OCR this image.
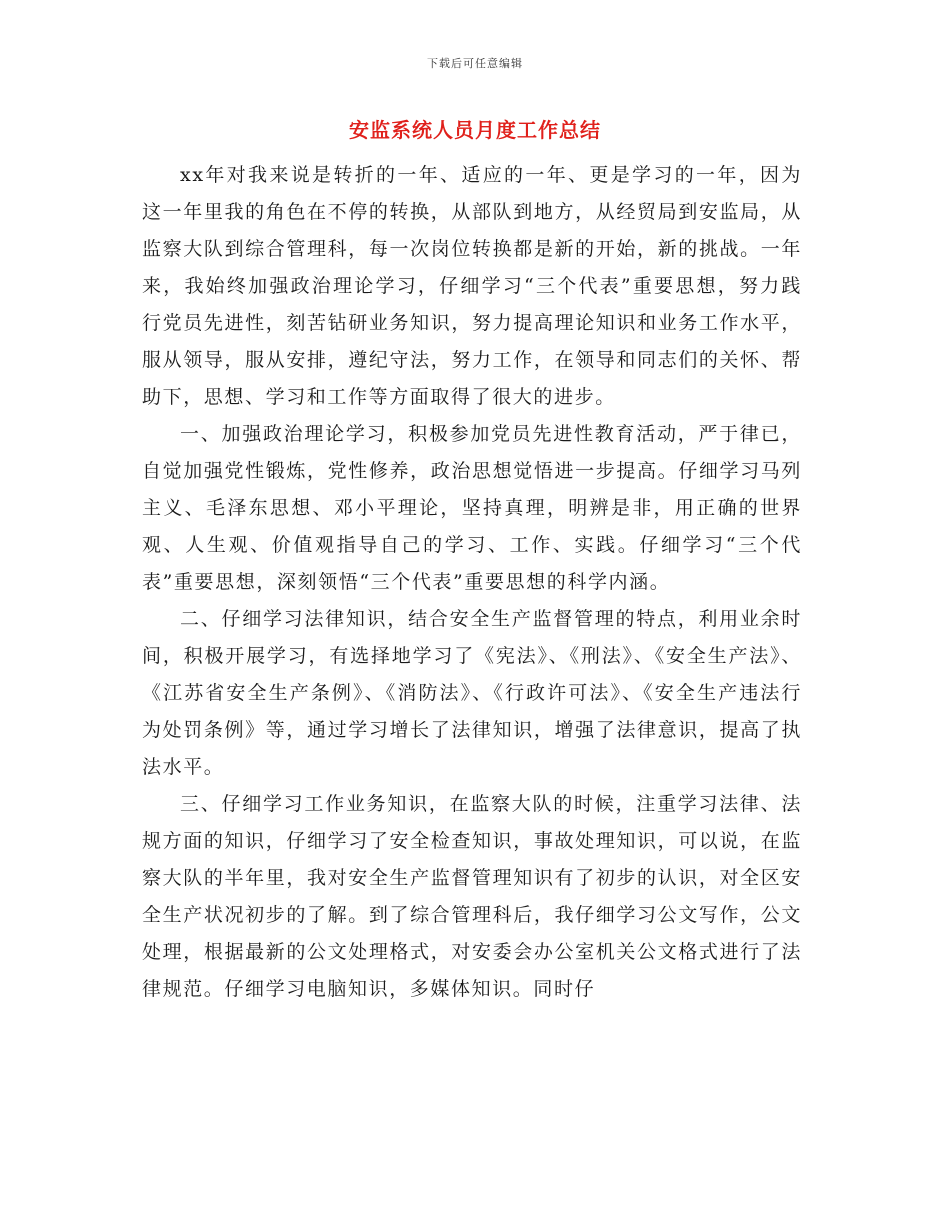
下载后可任意编辑
安监系统人员月度工作总结

xx年对我来说是转折的一年、适应的一年、更是学习的一年，因为这一年里我的角色在不停的转换，从部队到地方，从经贸局到安监局，从监察大队到综合管理科，每一次岗位转换都是新的开始，新的挑战。一年来，我始终加强政治理论学习，仔细学习“三个代表”重要思想，努力践行党员先进性，刻苦钻研业务知识，努力提高理论知识和业务工作水平，服从领导，服从安排，遵纪守法，努力工作，在领导和同志们的关怀、帮助下，思想、学习和工作等方面取得了很大的进步。

一、加强政治理论学习，积极参加党员先进性教育活动，严于律已，自觉加强党性锻炼，党性修养，政治思想觉悟进一步提高。仔细学习马列主义、毛泽东思想、邓小平理论，坚持真理，明辨是非，用正确的世界观、人生观、价值观指导自己的学习、工作、实践。仔细学习“三个代表”重要思想，深刻领悟“三个代表”重要思想的科学内涵。

二、仔细学习法律知识，结合安全生产监督管理的特点，利用业余时间，积极开展学习，有选择地学习了《宪法》、《刑法》、《安全生产法》、《江苏省安全生产条例》、《消防法》、《行政许可法》、《安全生产违法行为处罚条例》等，通过学习增长了法律知识，增强了法律意识，提高了执法水平。

三、仔细学习工作业务知识，在监察大队的时候，注重学习法律、法规方面的知识，仔细学习了安全检查知识，事故处理知识，可以说，在监察大队的半年里，我对安全生产监督管理知识有了初步的认识，对全区安全生产状况初步的了解。到了综合管理科后，我仔细学习公文写作，公文处理，根据最新的公文处理格式，对安委会办公室机关公文格式进行了法律规范。仔细学习电脑知识，多媒体知识。同时仔
